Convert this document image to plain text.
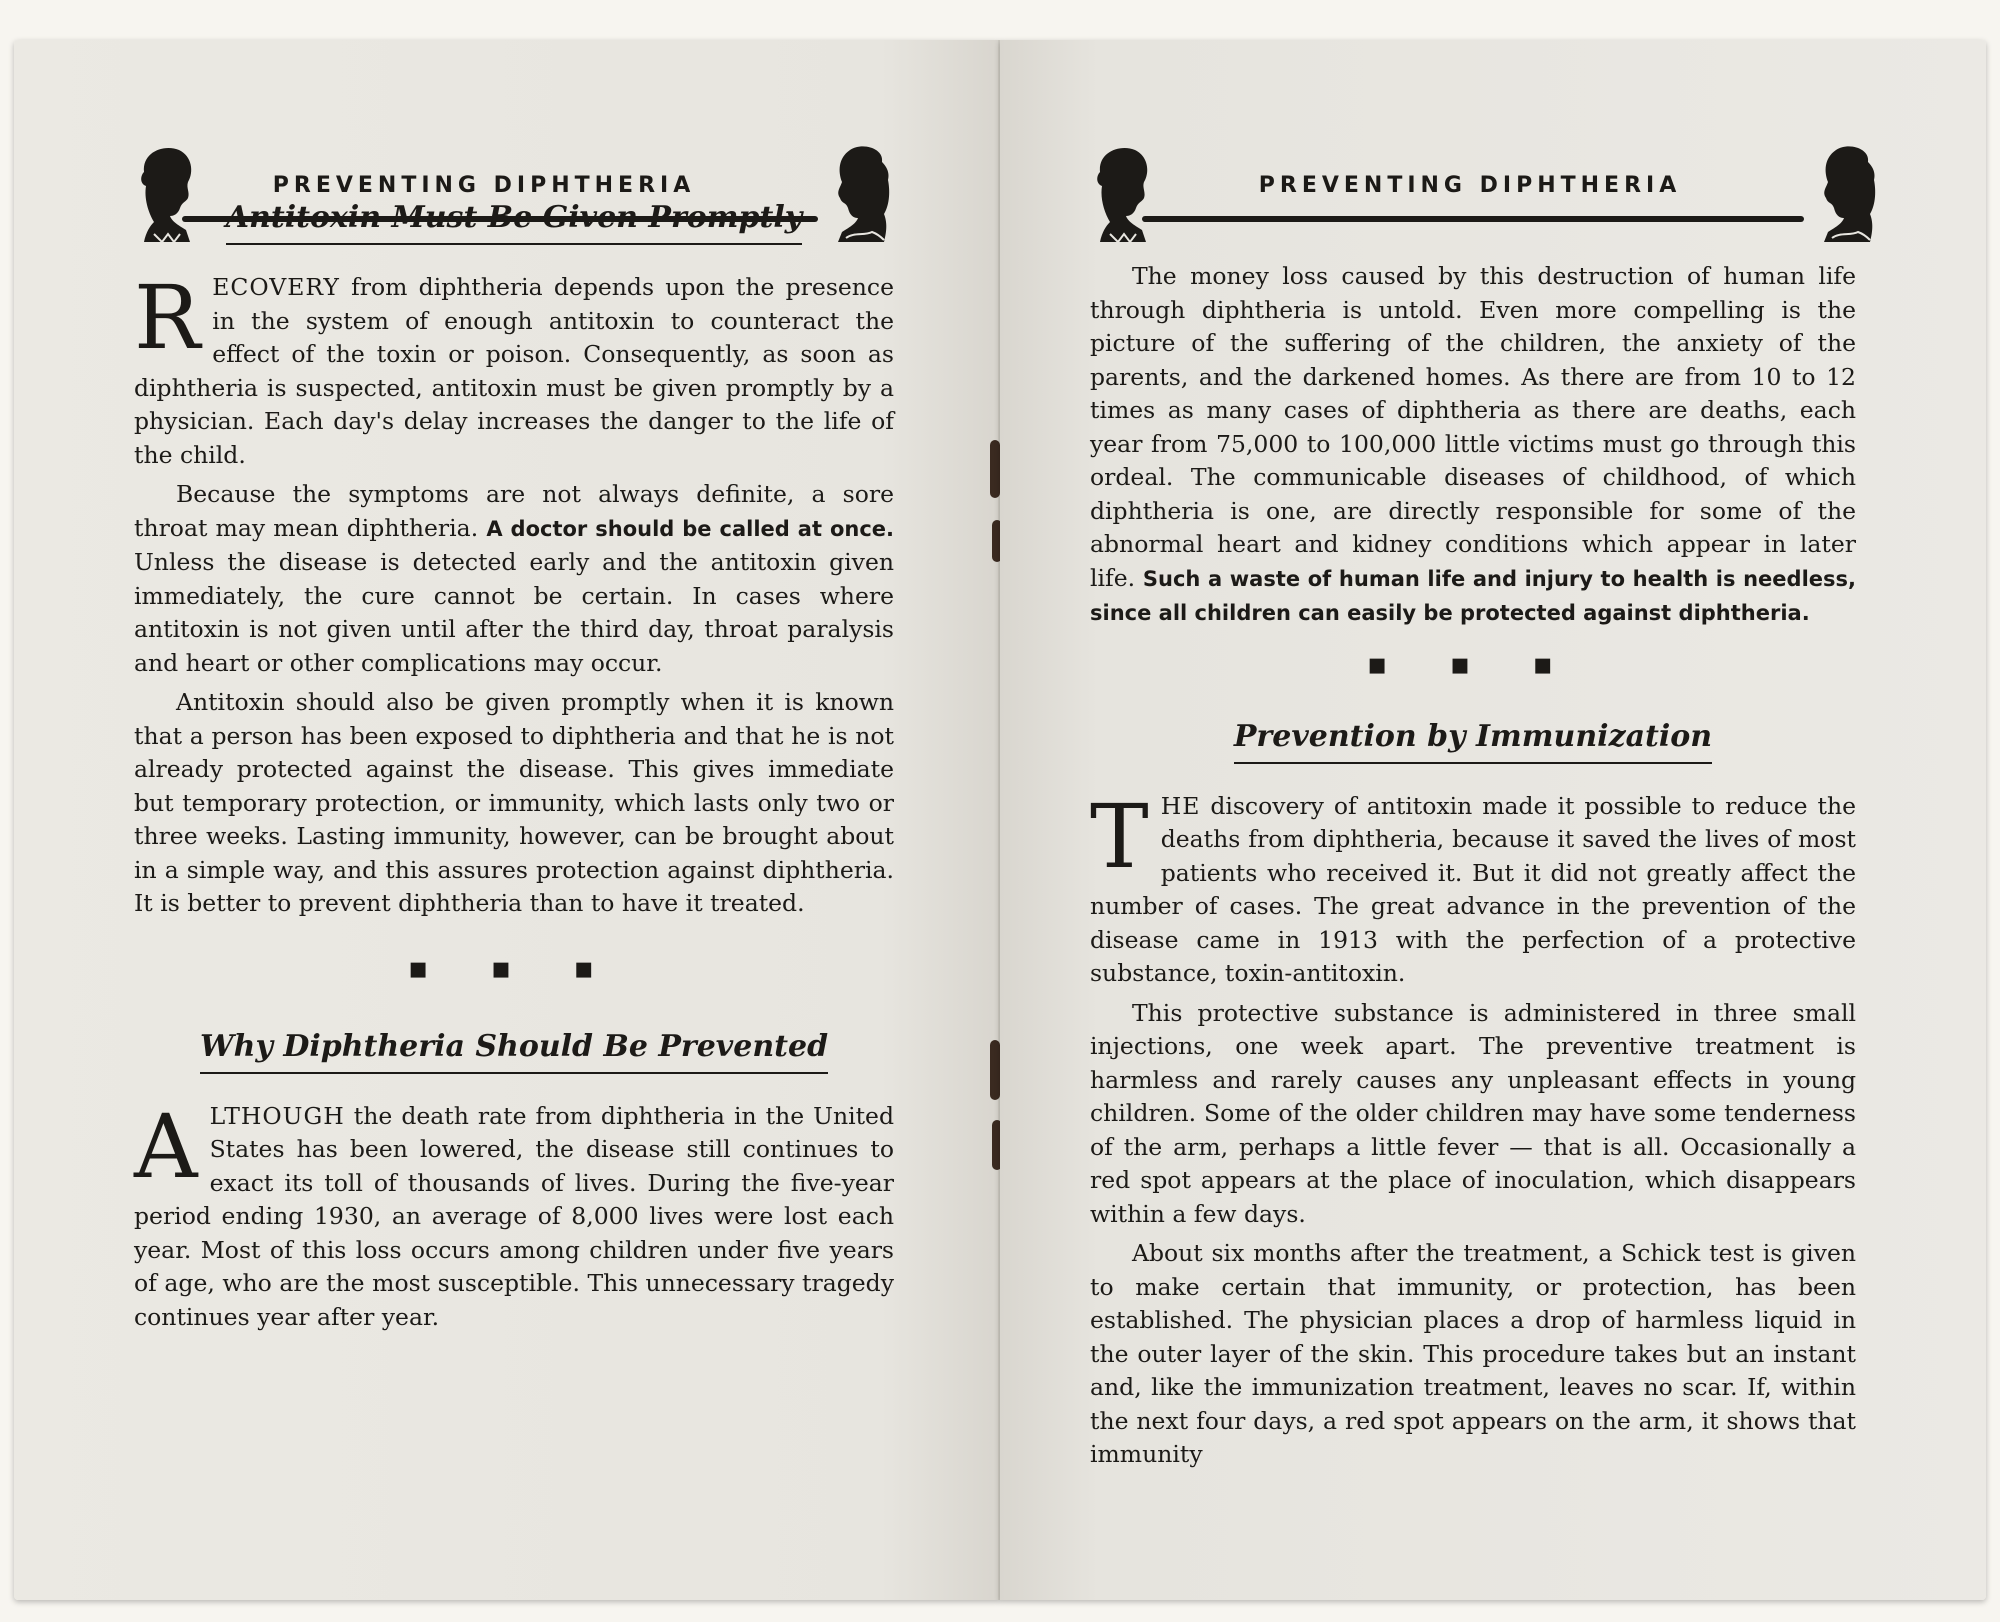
PREVENTING DIPHTHERIA
Antitoxin Must Be Given Promptly

RECOVERY from diphtheria depends upon the presence in the system of enough antitoxin to counteract the effect of the toxin or poison. Consequently, as soon as diphtheria is suspected, antitoxin must be given promptly by a physician. Each day's delay increases the danger to the life of the child.

Because the symptoms are not always definite, a sore throat may mean diphtheria. A doctor should be called at once. Unless the disease is detected early and the antitoxin given immediately, the cure cannot be certain. In cases where antitoxin is not given until after the third day, throat paralysis and heart or other complications may occur.

Antitoxin should also be given promptly when it is known that a person has been exposed to diphtheria and that he is not already protected against the disease. This gives immediate but temporary protection, or immunity, which lasts only two or three weeks. Lasting immunity, however, can be brought about in a simple way, and this assures protection against diphtheria. It is better to prevent diphtheria than to have it treated.

▪ ▪ ▪
Why Diphtheria Should Be Prevented

ALTHOUGH the death rate from diphtheria in the United States has been lowered, the disease still continues to exact its toll of thousands of lives. During the five-year period ending 1930, an average of 8,000 lives were lost each year. Most of this loss occurs among children under five years of age, who are the most susceptible. This unnecessary tragedy continues year after year.

PREVENTING DIPHTHERIA

The money loss caused by this destruction of human life through diphtheria is untold. Even more compelling is the picture of the suffering of the children, the anxiety of the parents, and the darkened homes. As there are from 10 to 12 times as many cases of diphtheria as there are deaths, each year from 75,000 to 100,000 little victims must go through this ordeal. The communicable diseases of childhood, of which diphtheria is one, are directly responsible for some of the abnormal heart and kidney conditions which appear in later life. Such a waste of human life and injury to health is needless, since all children can easily be protected against diphtheria.

▪ ▪ ▪
Prevention by Immunization

THE discovery of antitoxin made it possible to reduce the deaths from diphtheria, because it saved the lives of most patients who received it. But it did not greatly affect the number of cases. The great advance in the prevention of the disease came in 1913 with the perfection of a protective substance, toxin-antitoxin.

This protective substance is administered in three small injections, one week apart. The preventive treatment is harmless and rarely causes any unpleasant effects in young children. Some of the older children may have some tenderness of the arm, perhaps a little fever — that is all. Occasionally a red spot appears at the place of inoculation, which disappears within a few days.

About six months after the treatment, a Schick test is given to make certain that immunity, or protection, has been established. The physician places a drop of harmless liquid in the outer layer of the skin. This procedure takes but an instant and, like the immunization treatment, leaves no scar. If, within the next four days, a red spot appears on the arm, it shows that immunity
